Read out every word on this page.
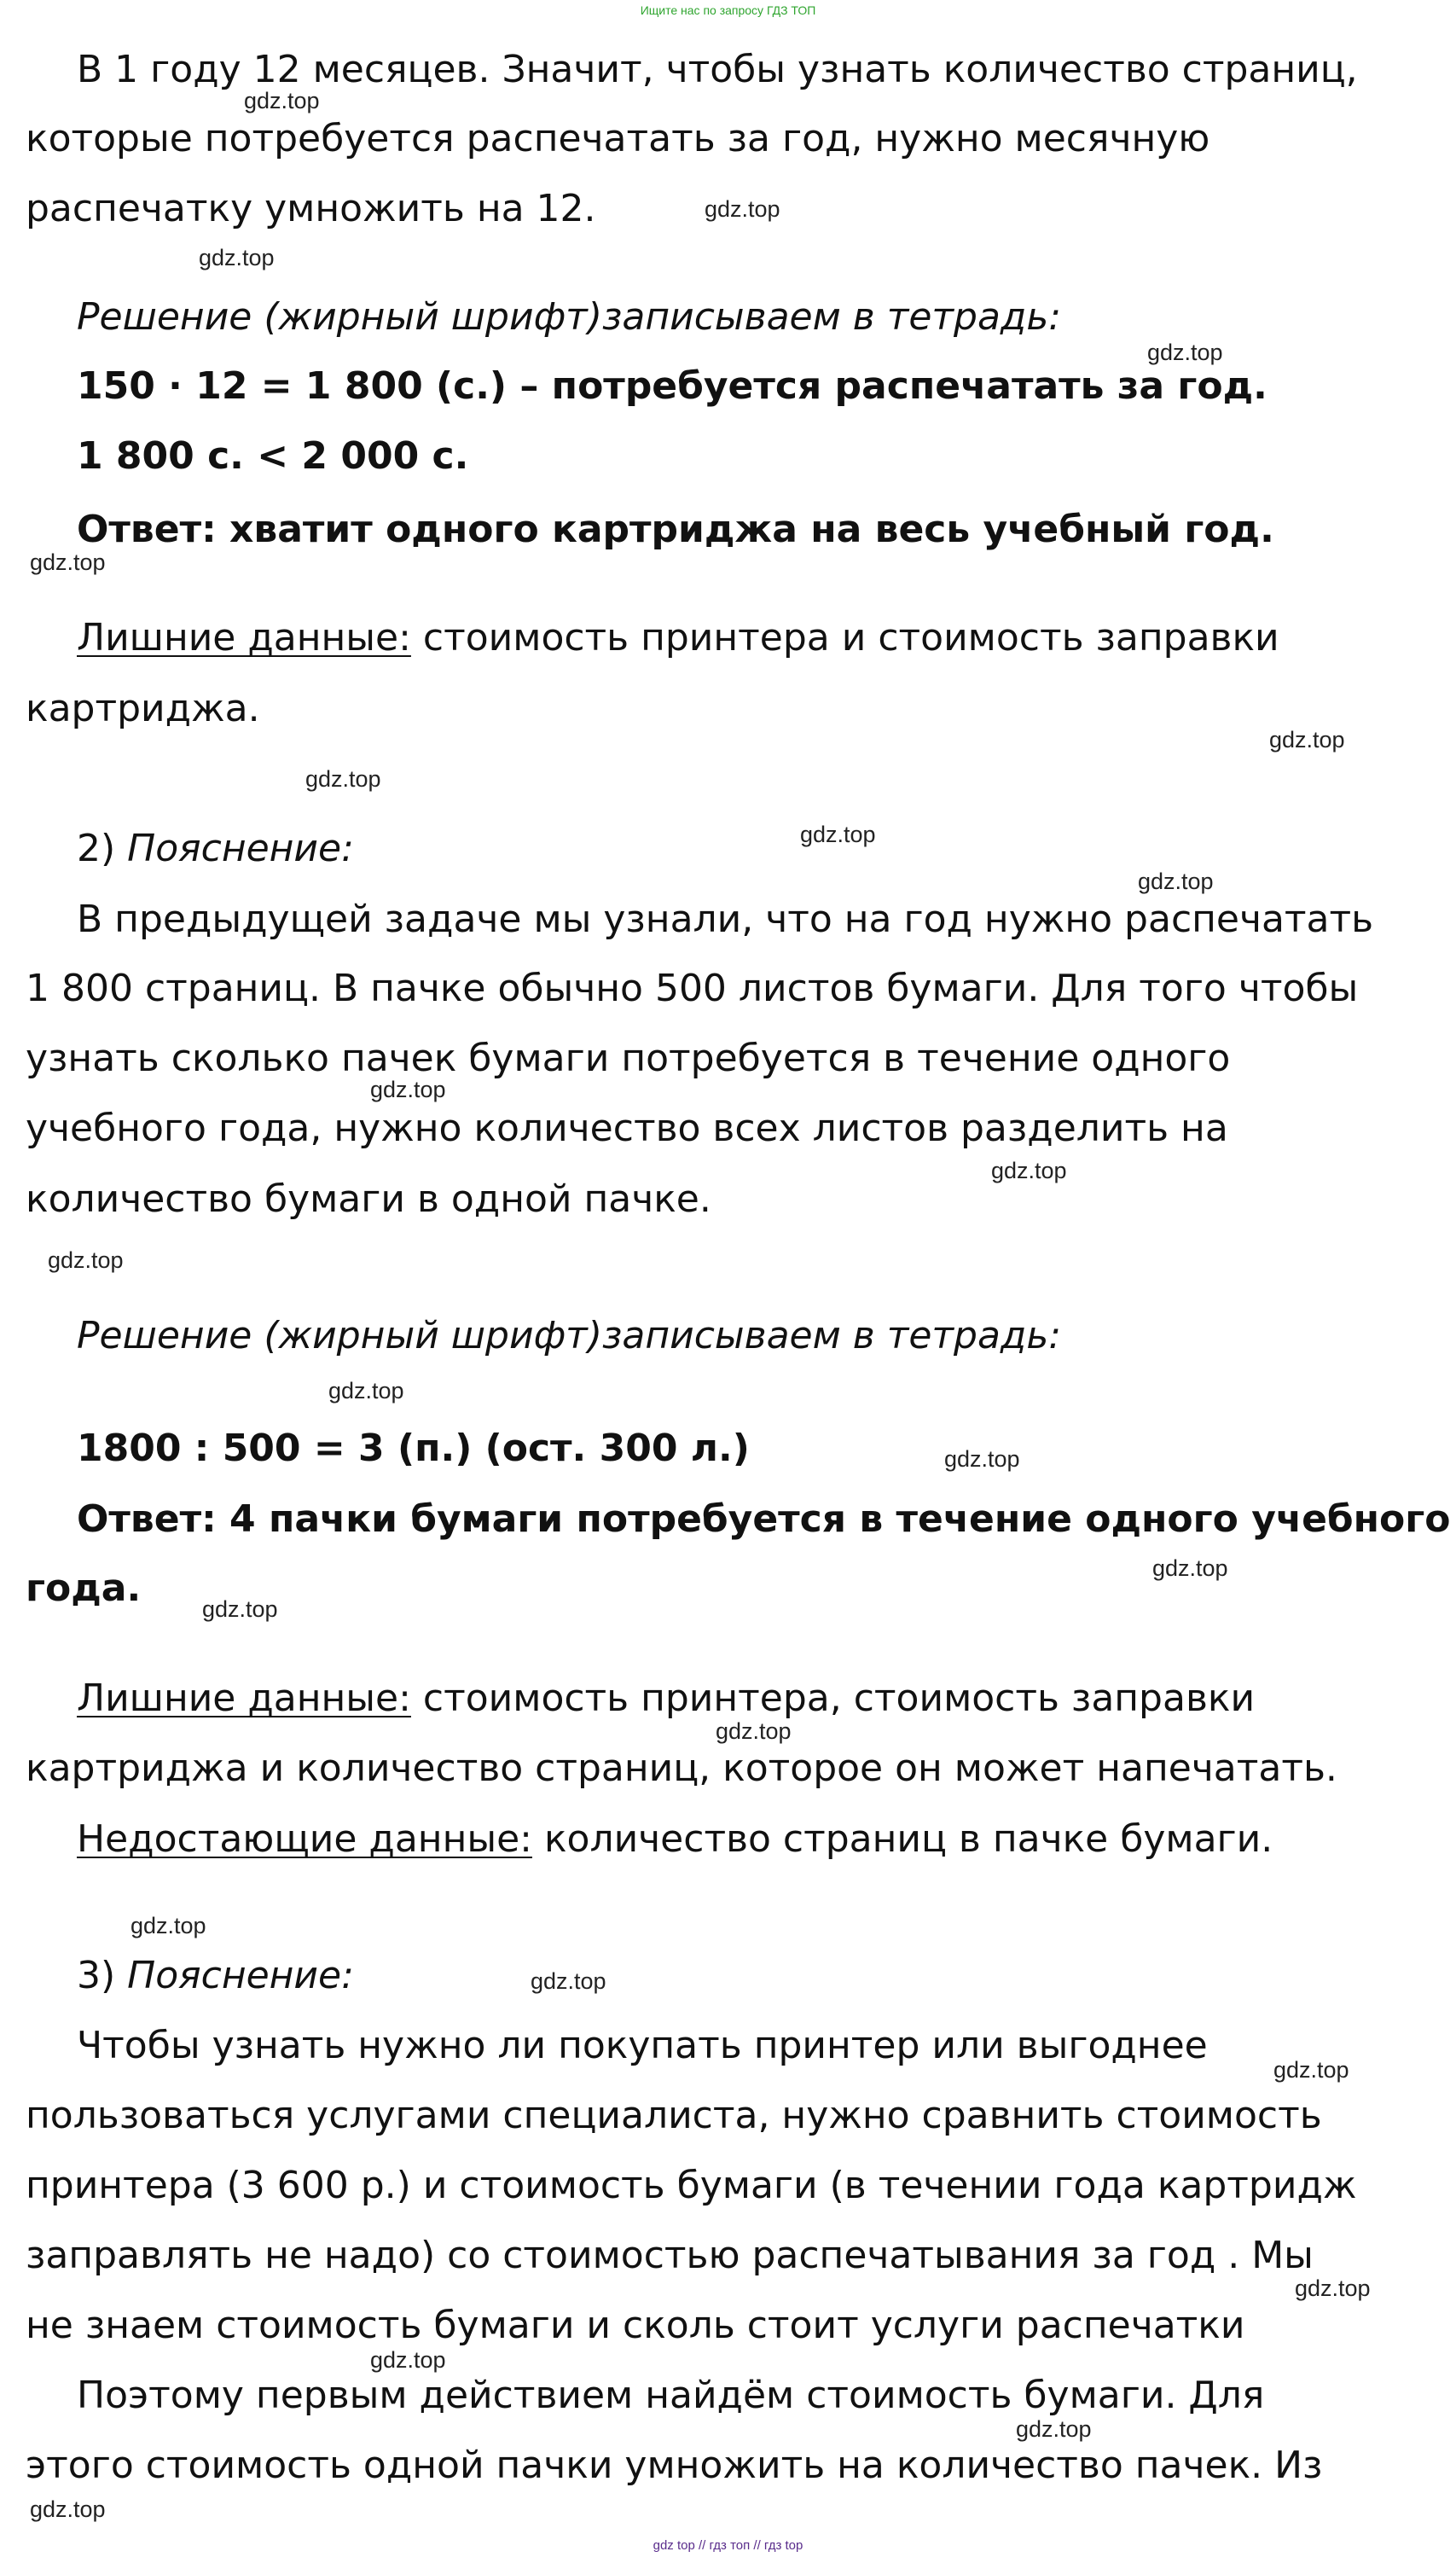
Ищите нас по запросу ГДЗ ТОП
В 1 году 12 месяцев. Значит, чтобы узнать количество страниц,
которые потребуется распечатать за год, нужно месячную
распечатку умножить на 12.
Решение (жирный шрифт)записываем в тетрадь:
150 · 12 = 1 800 (с.) – потребуется распечатать за год.
1 800 с. < 2 000 с.
Ответ: хватит одного картриджа на весь учебный год.
Лишние данные: стоимость принтера и стоимость заправки
картриджа.
2) Пояснение:
В предыдущей задаче мы узнали, что на год нужно распечатать
1 800 страниц. В пачке обычно 500 листов бумаги. Для того чтобы
узнать сколько пачек бумаги потребуется в течение одного
учебного года, нужно количество всех листов разделить на
количество бумаги в одной пачке.
Решение (жирный шрифт)записываем в тетрадь:
1800 : 500 = 3 (п.) (ост. 300 л.)
Ответ: 4 пачки бумаги потребуется в течение одного учебного
года.
Лишние данные: стоимость принтера, стоимость заправки
картриджа и количество страниц, которое он может напечатать.
Недостающие данные: количество страниц в пачке бумаги.
3) Пояснение:
Чтобы узнать нужно ли покупать принтер или выгоднее
пользоваться услугами специалиста, нужно сравнить стоимость
принтера (3 600 р.) и стоимость бумаги (в течении года картридж
заправлять не надо) со стоимостью распечатывания за год . Мы
не знаем стоимость бумаги и сколь стоит услуги распечатки
Поэтому первым действием найдём стоимость бумаги. Для
этого стоимость одной пачки умножить на количество пачек. Из
gdz.top
gdz.top
gdz.top
gdz.top
gdz.top
gdz.top
gdz.top
gdz.top
gdz.top
gdz.top
gdz.top
gdz.top
gdz.top
gdz.top
gdz.top
gdz.top
gdz.top
gdz.top
gdz.top
gdz.top
gdz.top
gdz.top
gdz.top
gdz.top
gdz top // гдз топ // гдз top
